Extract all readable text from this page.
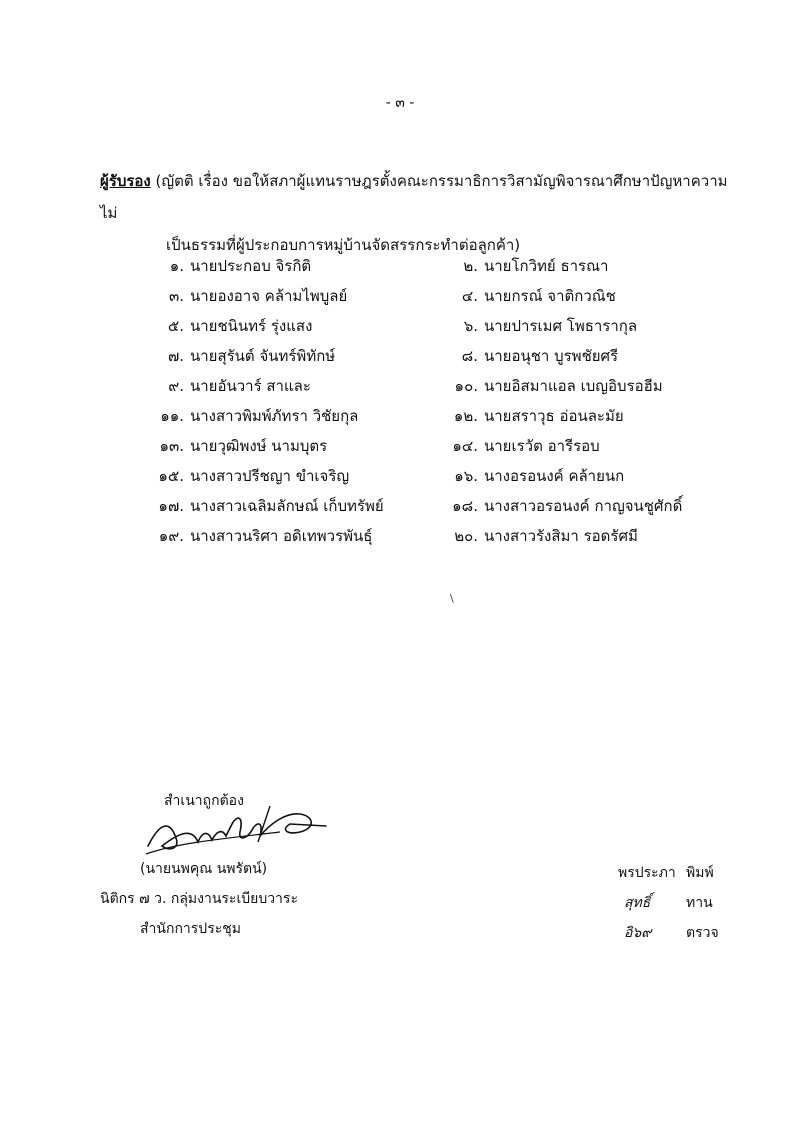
- ๓ -
ผู้รับรอง (ญัตติ เรื่อง ขอให้สภาผู้แทนราษฎรตั้งคณะกรรมาธิการวิสามัญพิจารณาศึกษาปัญหาความไม่
เป็นธรรมที่ผู้ประกอบการหมู่บ้านจัดสรรกระทำต่อลูกค้า)
๑. นายประกอบ จิรกิติ
๓. นายองอาจ คล้ามไพบูลย์
๕. นายชนินทร์ รุ่งแสง
๗. นายสุรันต์ จันทร์พิทักษ์
๙. นายอันวาร์ สาและ
๑๑. นางสาวพิมพ์ภัทรา วิชัยกุล
๑๓. นายวุฒิพงษ์ นามบุตร
๑๕. นางสาวปรีชญา ขำเจริญ
๑๗. นางสาวเฉลิมลักษณ์ เก็บทรัพย์
๑๙. นางสาวนริศา อดิเทพวรพันธุ์
๒. นายโกวิทย์ ธารณา
๔. นายกรณ์ จาติกวณิช
๖. นายปารเมศ โพธารากุล
๘. นายอนุชา บูรพชัยศรี
๑๐. นายอิสมาแอล เบญอิบรอฮีม
๑๒. นายสราวุธ อ่อนละมัย
๑๔. นายเรวัต อารีรอบ
๑๖. นางอรอนงค์ คล้ายนก
๑๘. นางสาวอรอนงค์ กาญจนชูศักดิ์
๒๐. นางสาวรังสิมา รอดรัศมี
\
สำเนาถูกต้อง
(นายนพคุณ นพรัตน์)
นิติกร ๗ ว. กลุ่มงานระเบียบวาระ
สำนักการประชุม
พรประภา พิมพ์
สุทธิ์	ทาน
อิ๖๙ ตรวจ
